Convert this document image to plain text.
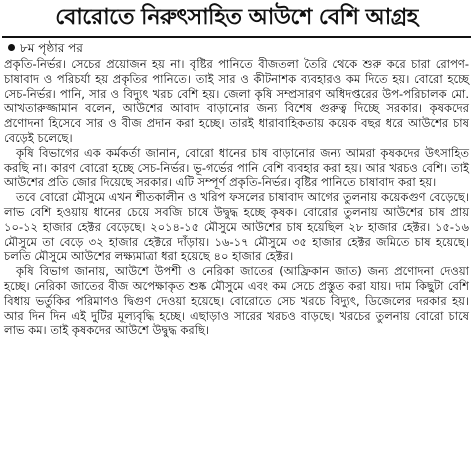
বোরোতে নিরুৎসাহিত আউশে বেশি আগ্রহ
৮ম পৃষ্ঠার পর

প্রকৃতি-নির্ভর। সেচের প্রয়োজন হয় না। বৃষ্টির পানিতে বীজতলা তৈরি থেকে শুরু করে চারা রোপণ-চাষাবাদ ও পরিচর্যা হয় প্রকৃতির পানিতে। তাই সার ও কীটনাশক ব্যবহারও কম দিতে হয়। বোরো হচ্ছে সেচ-নির্ভর। পানি, সার ও বিদ্যুৎ খরচ বেশি হয়। জেলা কৃষি সম্প্রসারণ অধিদপ্তরের উপ-পরিচালক মো. আখতারুজ্জামান বলেন, আউশের আবাদ বাড়ানোর জন্য বিশেষ গুরুত্ব দিচ্ছে সরকার। কৃষকদের প্রণোদনা হিসেবে সার ও বীজ প্রদান করা হচ্ছে। তারই ধারাবাহিকতায় কয়েক বছর ধরে আউশের চাষ বেড়েই চলেছে।

কৃষি বিভাগের এক কর্মকর্তা জানান, বোরো ধানের চাষ বাড়ানোর জন্য আমরা কৃষকদের উৎসাহিত করছি না। কারণ বোরো হচ্ছে সেচ-নির্ভর। ভূ-গর্ভের পানি বেশি ব্যবহার করা হয়। আর খরচও বেশি। তাই আউশের প্রতি জোর দিয়েছে সরকার। এটি সম্পূর্ণ প্রকৃতি-নির্ভর। বৃষ্টির পানিতে চাষাবাদ করা হয়।

তবে বোরো মৌসুমে এখন শীতকালীন ও খরিপ ফসলের চাষাবাদ আগের তুলনায় কয়েকগুণ বেড়েছে। লাভ বেশি হওয়ায় ধানের চেয়ে সবজি চাষে উদ্বুদ্ধ হচ্ছে কৃষক। বোরোর তুলনায় আউশের চাষ প্রায় ১০-১২ হাজার হেক্টর বেড়েছে। ২০১৪-১৫ মৌসুমে আউশের চাষ হয়েছিল ২৮ হাজার হেক্টর। ১৫-১৬ মৌসুমে তা বেড়ে ৩২ হাজার হেক্টরে দাঁড়ায়। ১৬-১৭ মৌসুমে ৩৫ হাজার হেক্টর জমিতে চাষ হয়েছে। চলতি মৌসুমে আউশের লক্ষ্যমাত্রা ধরা হয়েছে ৪০ হাজার হেক্টর।

কৃষি বিভাগ জানায়, আউশে উপশী ও নেরিকা জাতের (আফ্রিকান জাত) জন্য প্রণোদনা দেওয়া হচ্ছে। নেরিকা জাতের বীজ অপেক্ষাকৃত শুষ্ক মৌসুমে এবং কম সেচে প্রস্তুত করা যায়। দাম কিছুটা বেশি বিধায় ভর্তুকির পরিমাণও দ্বিগুণ দেওয়া হয়েছে। বোরোতে সেচ খরচে বিদ্যুৎ, ডিজেলের দরকার হয়। আর দিন দিন এই দুটির মূল্যবৃদ্ধি হচ্ছে। এছাড়াও সারের খরচও বাড়ছে। খরচের তুলনায় বোরো চাষে লাভ কম। তাই কৃষকদের আউশে উদ্বুদ্ধ করছি।
